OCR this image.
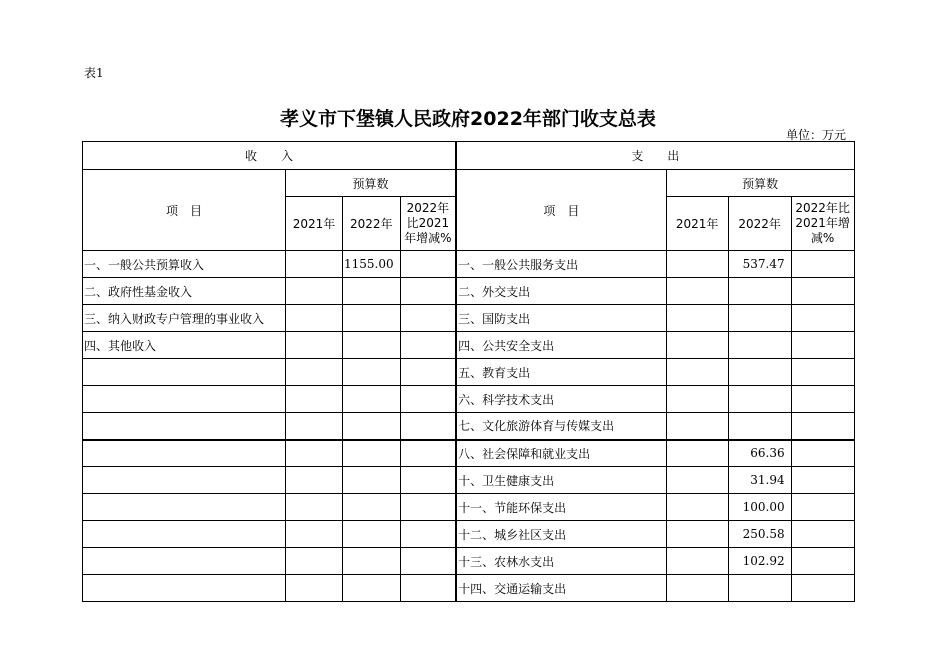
表1
孝义市下堡镇人民政府2022年部门收支总表
单位：万元
收　　入				支　　出			
项　目	预算数			项　目	预算数		
	2021年	2022年	2022年比2021年增减%		2021年	2022年	2022年比2021年增减%
一、一般公共预算收入		1155.00		一、一般公共服务支出		537.47	
二、政府性基金收入				二、外交支出			
三、纳入财政专户管理的事业收入				三、国防支出			
四、其他收入				四、公共安全支出			
				五、教育支出			
				六、科学技术支出			
				七、文化旅游体育与传媒支出			
				八、社会保障和就业支出		66.36	
				十、卫生健康支出		31.94	
				十一、节能环保支出		100.00	
				十二、城乡社区支出		250.58	
				十三、农林水支出		102.92	
				十四、交通运输支出			
